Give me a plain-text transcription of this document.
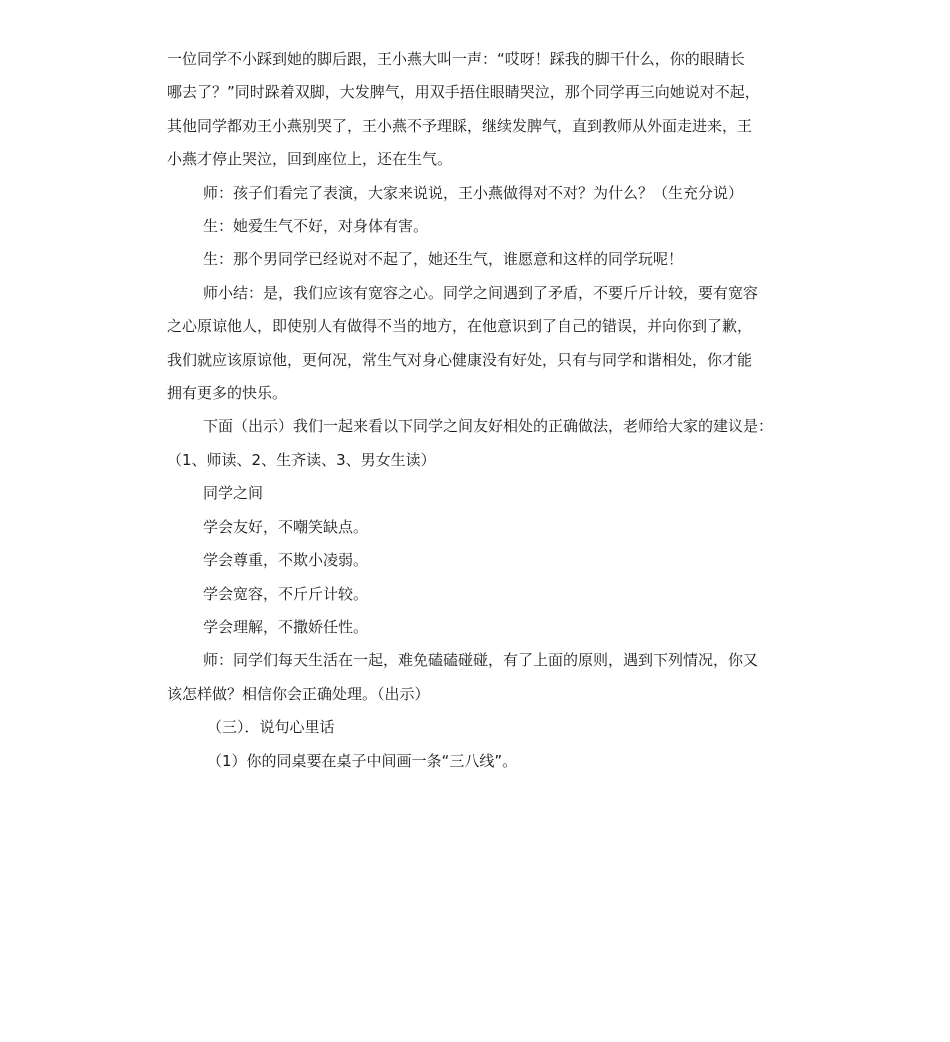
一位同学不小踩到她的脚后跟，王小燕大叫一声：“哎呀！踩我的脚干什么，你的眼睛长

哪去了？”同时跺着双脚，大发脾气，用双手捂住眼睛哭泣，那个同学再三向她说对不起，

其他同学都劝王小燕别哭了，王小燕不予理睬，继续发脾气，直到教师从外面走进来，王

小燕才停止哭泣，回到座位上，还在生气。

师：孩子们看完了表演，大家来说说，王小燕做得对不对？为什么？（生充分说）

生：她爱生气不好，对身体有害。

生：那个男同学已经说对不起了，她还生气，谁愿意和这样的同学玩呢！

师小结：是，我们应该有宽容之心。同学之间遇到了矛盾，不要斤斤计较，要有宽容

之心原谅他人，即使别人有做得不当的地方，在他意识到了自己的错误，并向你到了歉，

我们就应该原谅他，更何况，常生气对身心健康没有好处，只有与同学和谐相处，你才能

拥有更多的快乐。

下面（出示）我们一起来看以下同学之间友好相处的正确做法，老师给大家的建议是：

（1、师读、2、生齐读、3、男女生读）

同学之间

学会友好，不嘲笑缺点。

学会尊重，不欺小凌弱。

学会宽容，不斤斤计较。

学会理解，不撒娇任性。

师：同学们每天生活在一起，难免磕磕碰碰，有了上面的原则，遇到下列情况，你又

该怎样做？相信你会正确处理。（出示）

（三）．说句心里话

（1）你的同桌要在桌子中间画一条“三八线”。
